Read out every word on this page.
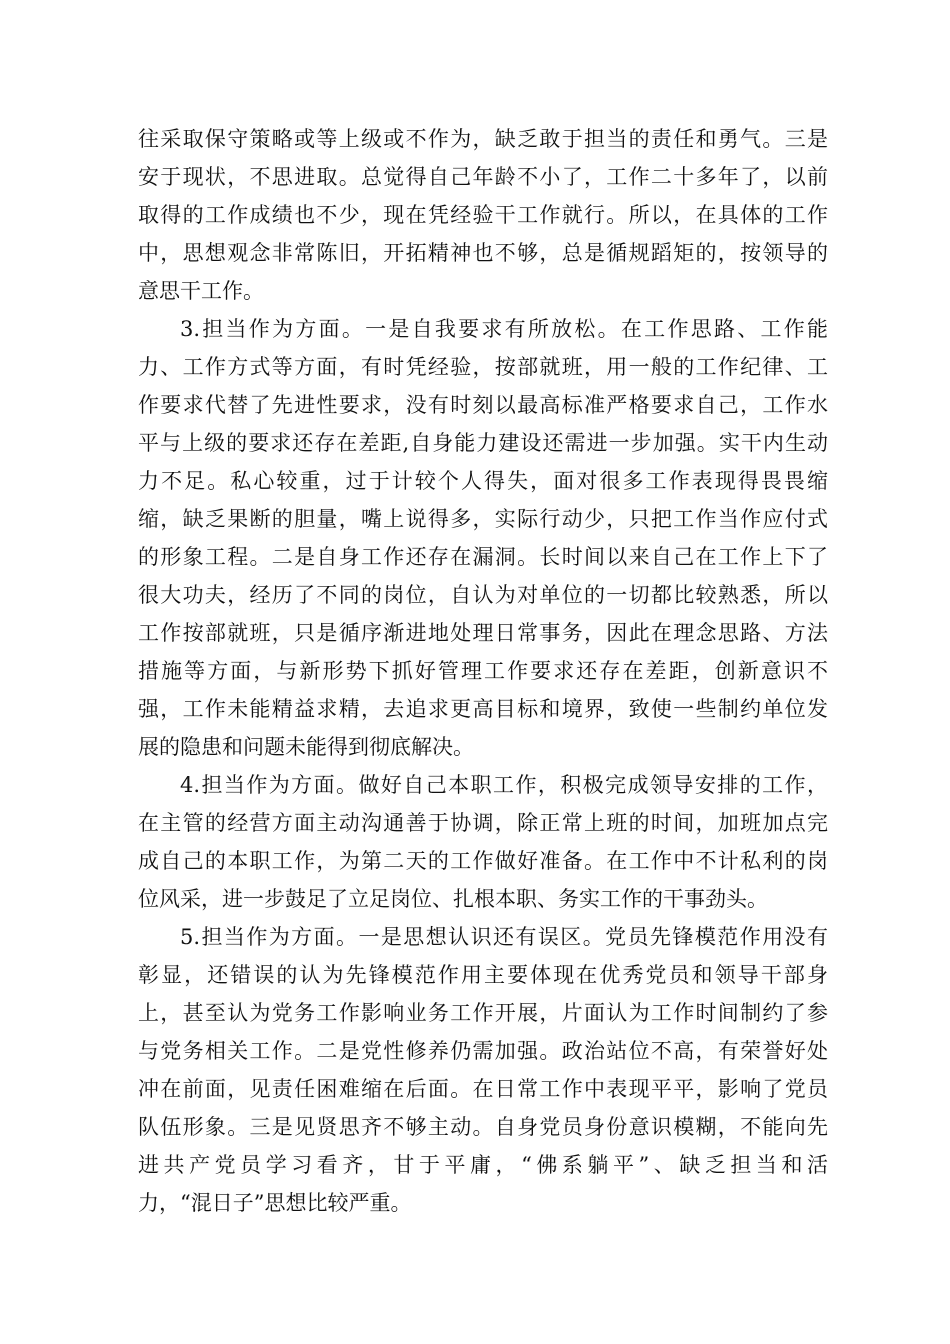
往采取保守策略或等上级或不作为，缺乏敢于担当的责任和勇气。三是
安于现状，不思进取。总觉得自己年龄不小了，工作二十多年了，以前
取得的工作成绩也不少，现在凭经验干工作就行。所以，在具体的工作
中，思想观念非常陈旧，开拓精神也不够，总是循规蹈矩的，按领导的
意思干工作。
3.担当作为方面。一是自我要求有所放松。在工作思路、工作能
力、工作方式等方面，有时凭经验，按部就班，用一般的工作纪律、工
作要求代替了先进性要求，没有时刻以最高标准严格要求自己，工作水
平与上级的要求还存在差距,自身能力建设还需进一步加强。实干内生动
力不足。私心较重，过于计较个人得失，面对很多工作表现得畏畏缩
缩，缺乏果断的胆量，嘴上说得多，实际行动少，只把工作当作应付式
的形象工程。二是自身工作还存在漏洞。长时间以来自己在工作上下了
很大功夫，经历了不同的岗位，自认为对单位的一切都比较熟悉，所以
工作按部就班，只是循序渐进地处理日常事务，因此在理念思路、方法
措施等方面，与新形势下抓好管理工作要求还存在差距，创新意识不
强，工作未能精益求精，去追求更高目标和境界，致使一些制约单位发
展的隐患和问题未能得到彻底解决。
4.担当作为方面。做好自己本职工作，积极完成领导安排的工作，
在主管的经营方面主动沟通善于协调，除正常上班的时间，加班加点完
成自己的本职工作，为第二天的工作做好准备。在工作中不计私利的岗
位风采，进一步鼓足了立足岗位、扎根本职、务实工作的干事劲头。
5.担当作为方面。一是思想认识还有误区。党员先锋模范作用没有
彰显，还错误的认为先锋模范作用主要体现在优秀党员和领导干部身
上，甚至认为党务工作影响业务工作开展，片面认为工作时间制约了参
与党务相关工作。二是党性修养仍需加强。政治站位不高，有荣誉好处
冲在前面，见责任困难缩在后面。在日常工作中表现平平，影响了党员
队伍形象。三是见贤思齐不够主动。自身党员身份意识模糊，不能向先
进共产党员学习看齐，甘于平庸，“佛系躺平”、缺乏担当和活
力，“混日子”思想比较严重。
